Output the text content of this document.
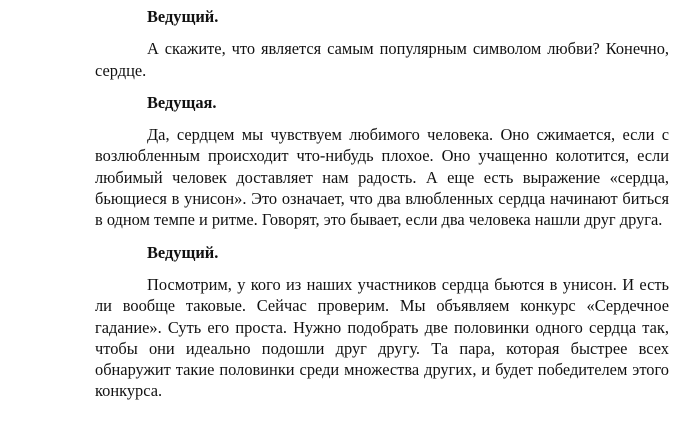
Ведущий.
А скажите, что является самым популярным символом любви? Конечно, сердце.
Ведущая.
Да, сердцем мы чувствуем любимого человека. Оно сжимается, если с возлюбленным происходит что-нибудь плохое. Оно учащенно колотится, если любимый человек доставляет нам радость. А еще есть выражение «сердца, бьющиеся в унисон». Это означает, что два влюбленных сердца начинают биться в одном темпе и ритме. Говорят, это бывает, если два человека нашли друг друга.
Ведущий.
Посмотрим, у кого из наших участников сердца бьются в унисон. И есть ли вообще таковые. Сейчас проверим. Мы объявляем конкурс «Сердечное гадание». Суть его проста. Нужно подобрать две половинки одного сердца так, чтобы они идеально подошли друг другу. Та пара, которая быстрее всех обнаружит такие половинки среди множества других, и будет победителем этого конкурса.
